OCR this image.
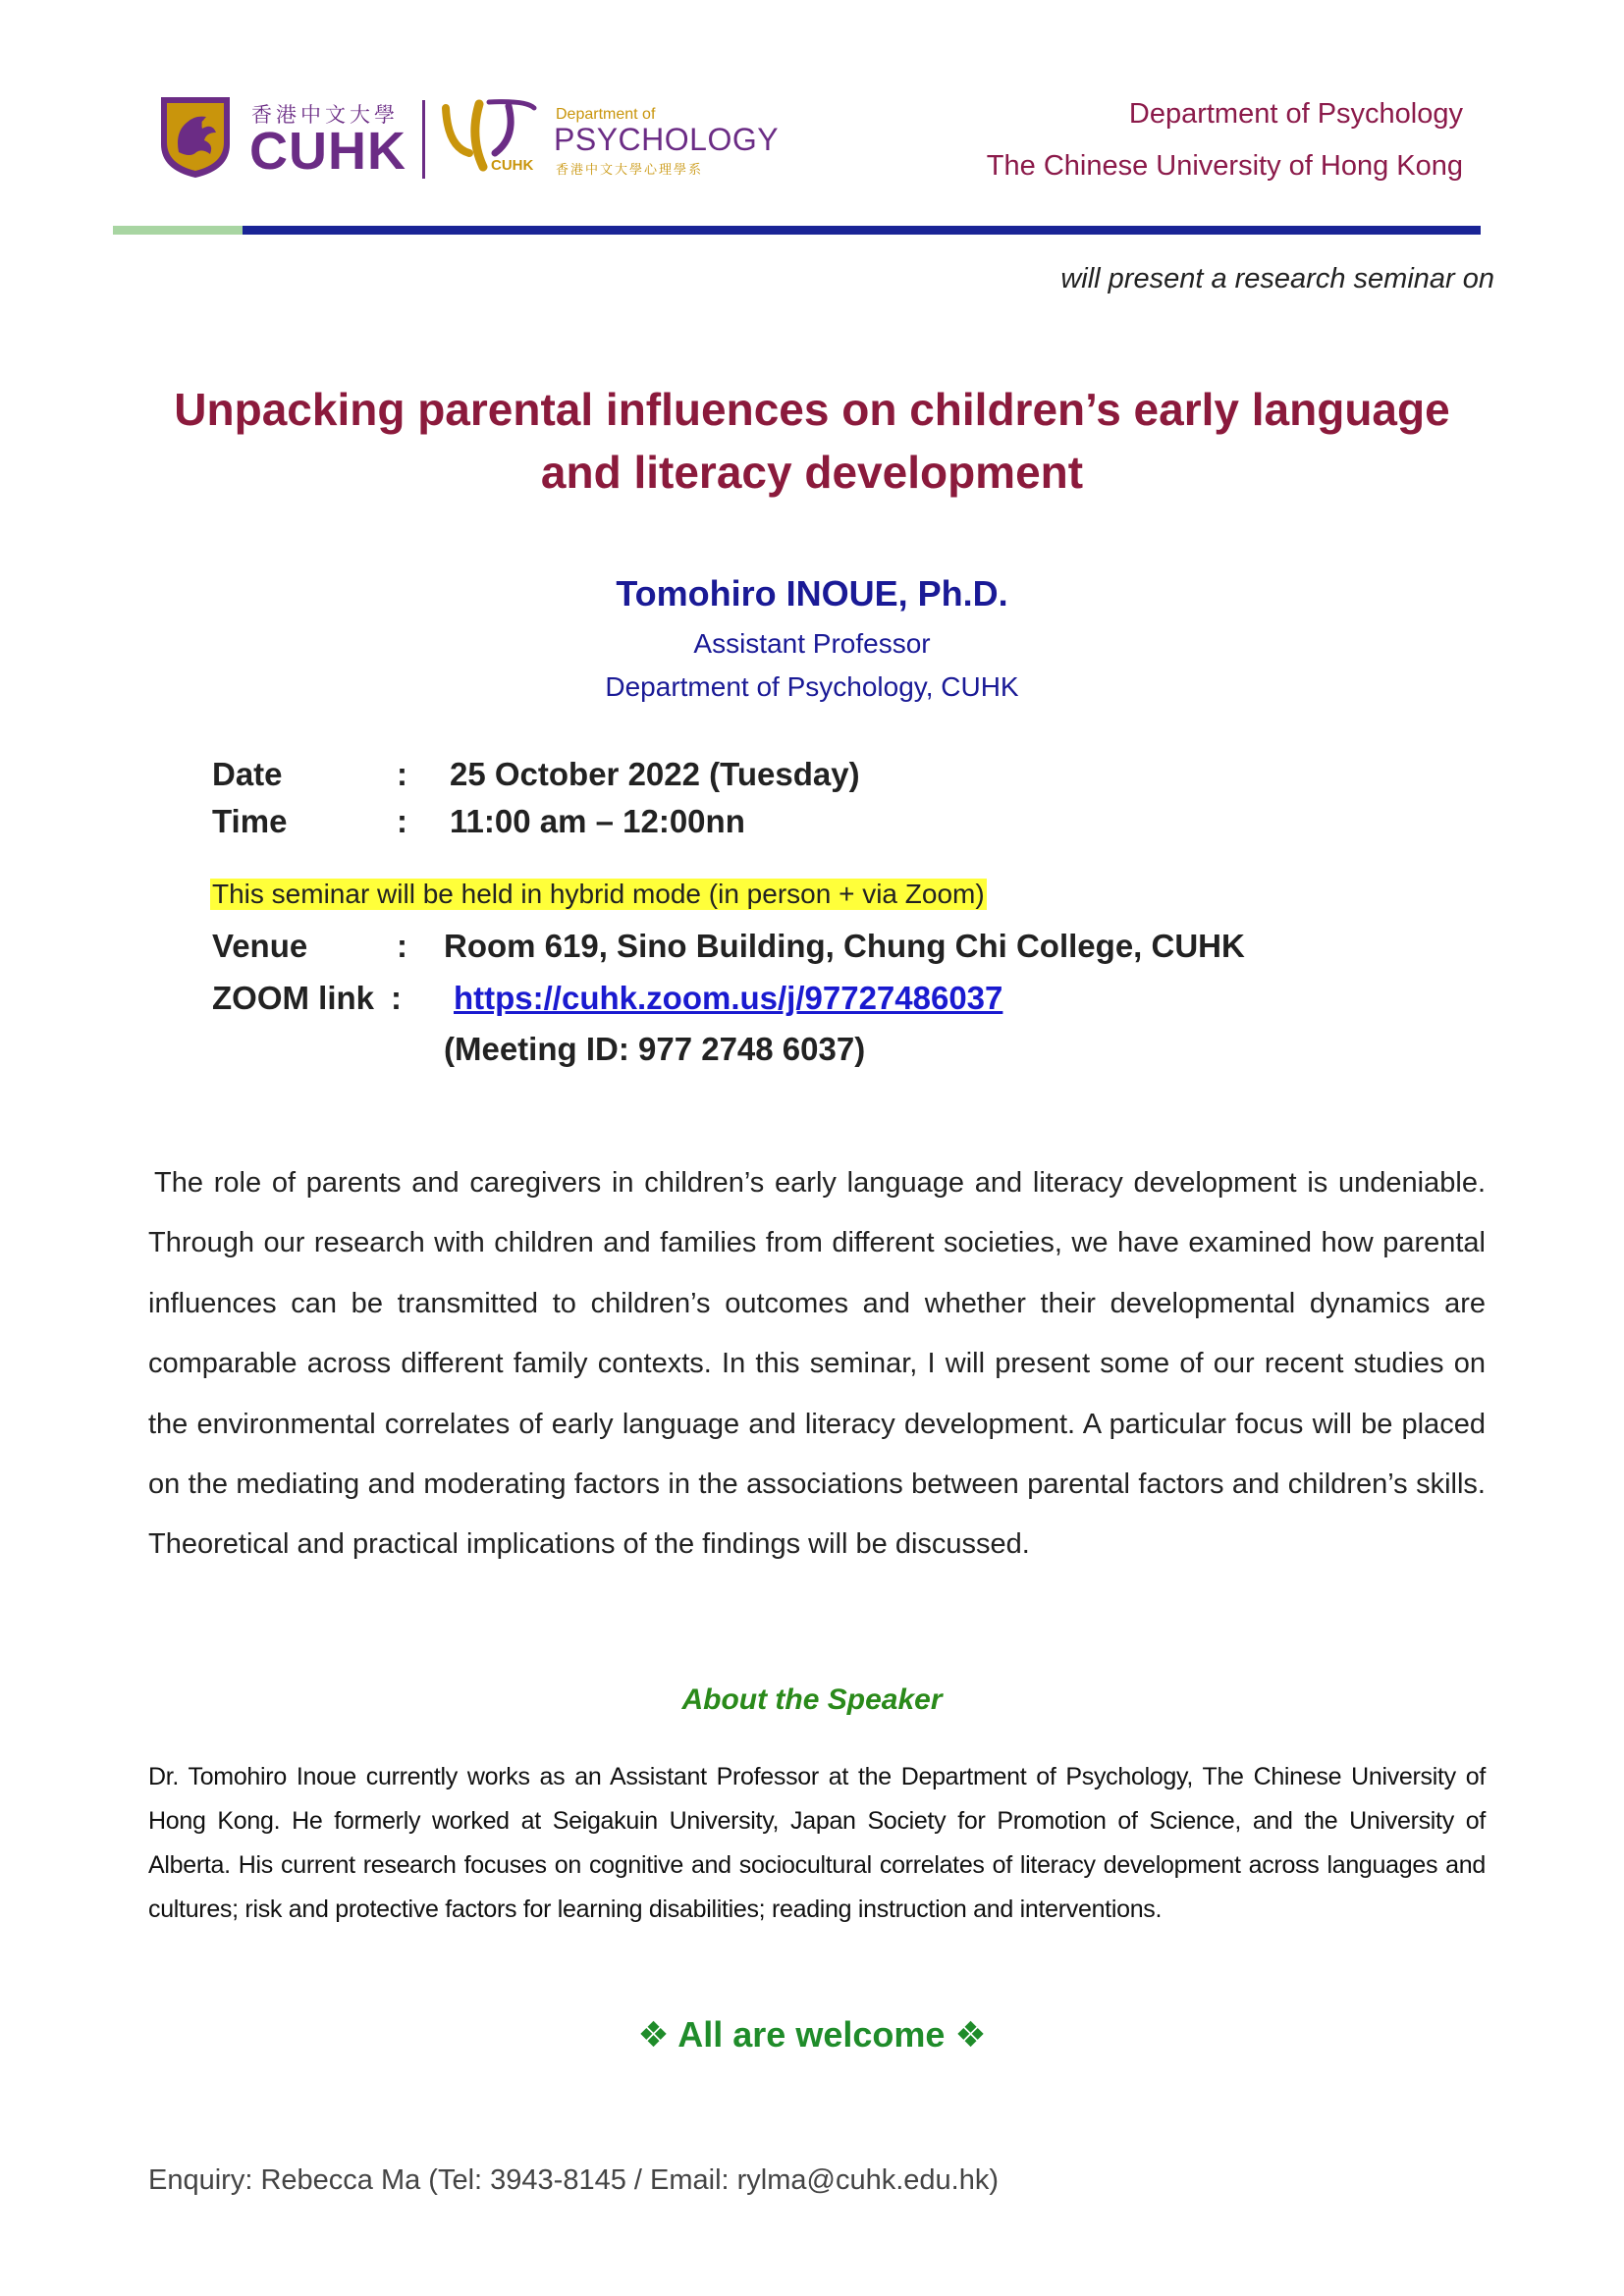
香港中文大學
CUHK
Department of
PSYCHOLOGY
CUHK 香港中文大學心理學系
Department of Psychology
The Chinese University of Hong Kong
will present a research seminar on
Unpacking parental influences on children’s early language
and literacy development
Tomohiro INOUE, Ph.D.
Assistant Professor
Department of Psychology, CUHK
Date	: 25 October 2022 (Tuesday)
Time	: 11:00 am – 12:00nn
This seminar will be held in hybrid mode (in person + via Zoom)
Venue	: Room 619, Sino Building, Chung Chi College, CUHK
ZOOM link : https://cuhk.zoom.us/j/97727486037
(Meeting ID: 977 2748 6037)

The role of parents and caregivers in children’s early language and literacy development is undeniable. Through our research with children and families from different societies, we have examined how parental influences can be transmitted to children’s outcomes and whether their developmental dynamics are comparable across different family contexts. In this seminar, I will present some of our recent studies on the environmental correlates of early language and literacy development. A particular focus will be placed on the mediating and moderating factors in the associations between parental factors and children’s skills. Theoretical and practical implications of the findings will be discussed.

About the Speaker

Dr. Tomohiro Inoue currently works as an Assistant Professor at the Department of Psychology, The Chinese University of Hong Kong. He formerly worked at Seigakuin University, Japan Society for Promotion of Science, and the University of Alberta. His current research focuses on cognitive and sociocultural correlates of literacy development across languages and cultures; risk and protective factors for learning disabilities; reading instruction and interventions.

❖ All are welcome ❖
Enquiry: Rebecca Ma (Tel: 3943-8145 / Email: rylma@cuhk.edu.hk)
